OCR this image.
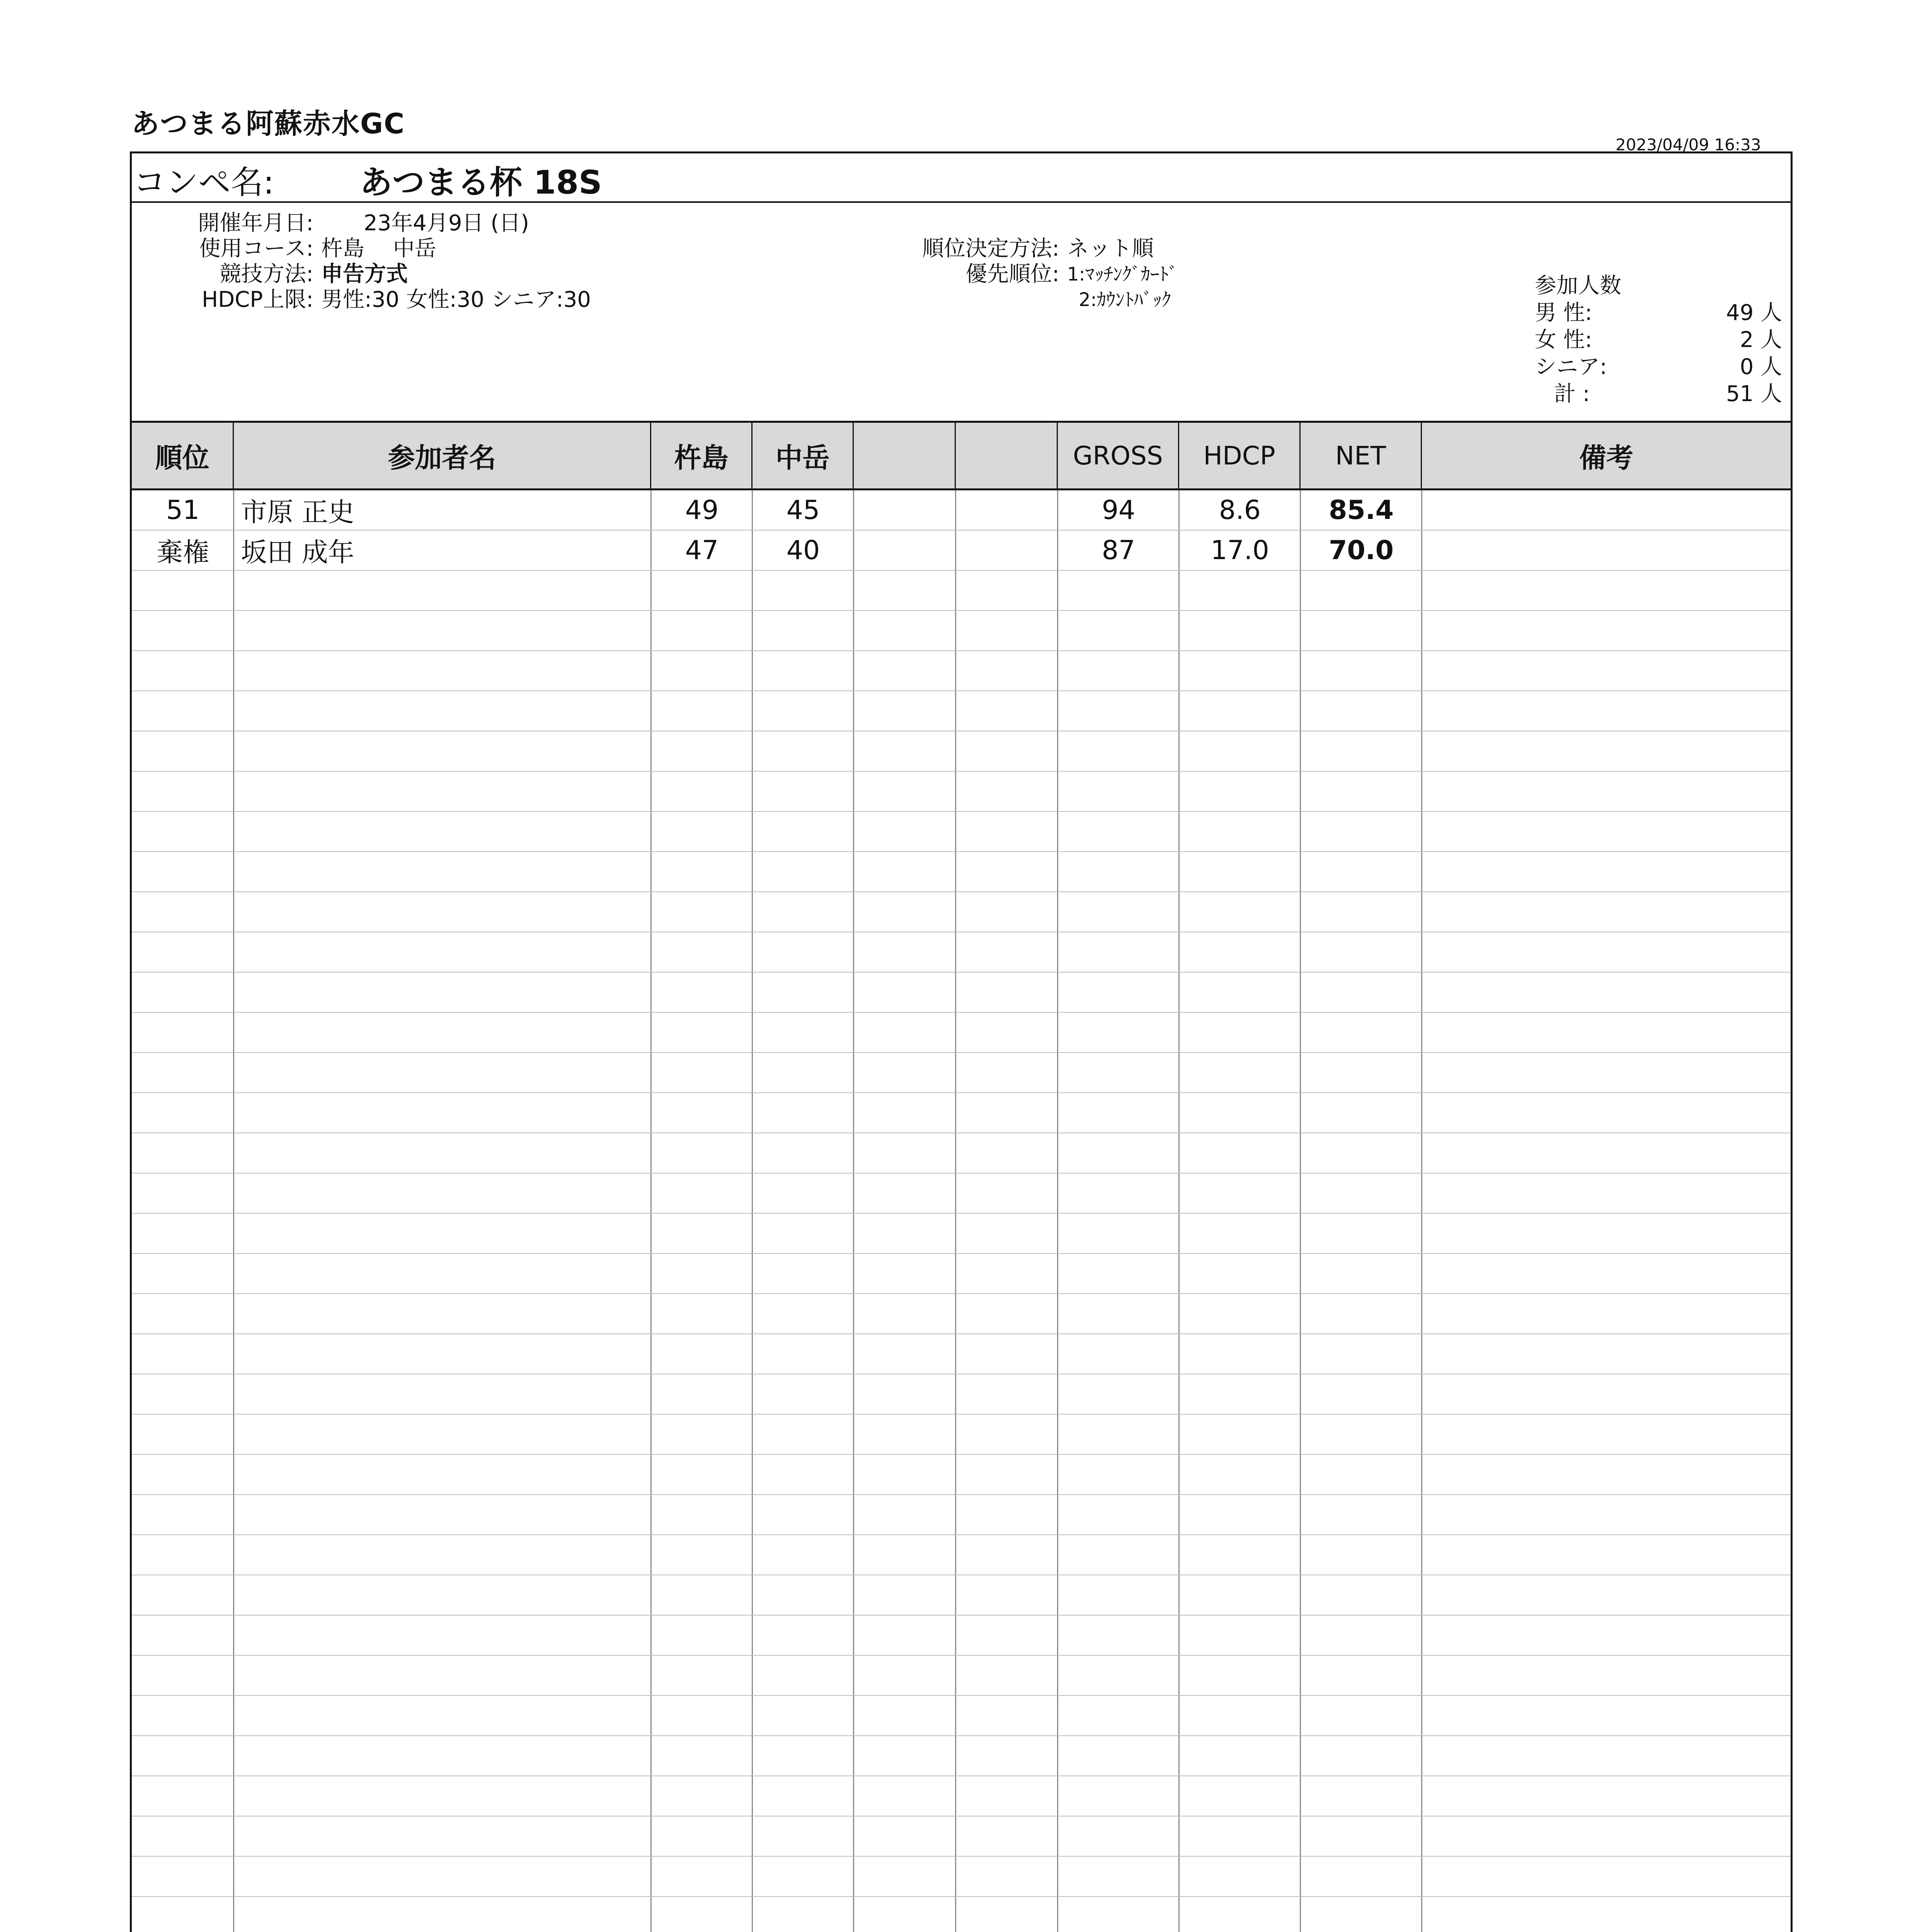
あつまる阿蘇赤水GC
2023/04/09 16:33
コンペ名:	あつまる杯 18S
開催年月日: 23年4月9日 (日)
使用コース: 杵島　 中岳
競技方法: 申告方式
HDCP上限: 男性:30 女性:30 シニア:30
順位決定方法: ネット順
優先順位: 1:ﾏｯﾁﾝｸﾞｶｰﾄﾞ
2:ｶｳﾝﾄﾊﾞｯｸ
参加人数
男 性:	49 人
女 性:	2 人
シニア:	0 人
計 :	51 人
順位	参加者名	杵島	中岳	GROSS	HDCP	NET	備考
51	市原 正史	49	45	94	8.6	85.4
棄権	坂田 成年	47	40	87	17.0	70.0
